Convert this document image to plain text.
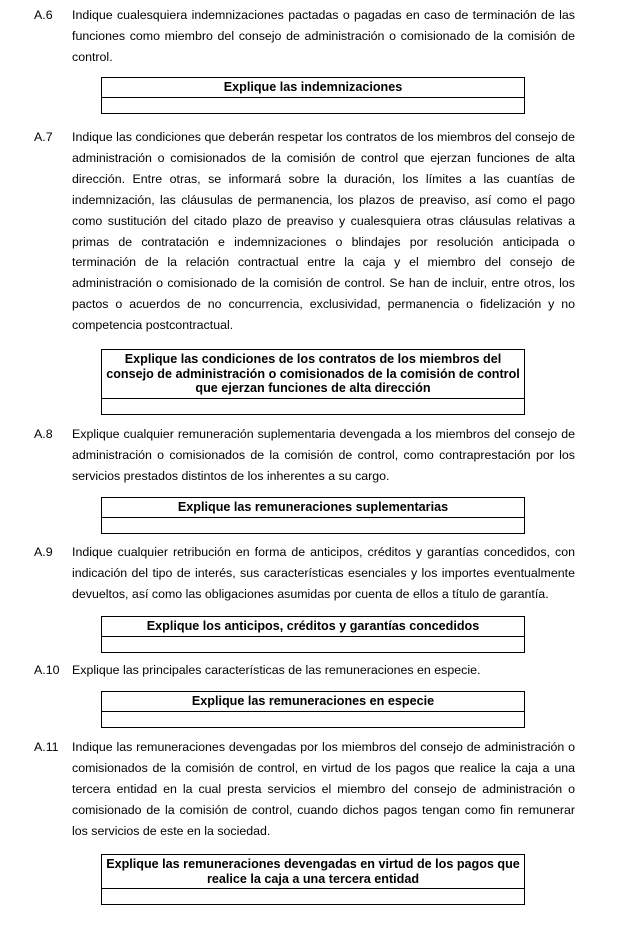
A.6 Indique cualesquiera indemnizaciones pactadas o pagadas en caso de terminación de las funciones como miembro del consejo de administración o comisionado de la comisión de control.
Explique las indemnizaciones
A.7 Indique las condiciones que deberán respetar los contratos de los miembros del consejo de administración o comisionados de la comisión de control que ejerzan funciones de alta dirección. Entre otras, se informará sobre la duración, los límites a las cuantías de indemnización, las cláusulas de permanencia, los plazos de preaviso, así como el pago como sustitución del citado plazo de preaviso y cualesquiera otras cláusulas relativas a primas de contratación e indemnizaciones o blindajes por resolución anticipada o terminación de la relación contractual entre la caja y el miembro del consejo de administración o comisionado de la comisión de control. Se han de incluir, entre otros, los pactos o acuerdos de no concurrencia, exclusividad, permanencia o fidelización y no competencia postcontractual.
Explique las condiciones de los contratos de los miembros del consejo de administración o comisionados de la comisión de control que ejerzan funciones de alta dirección
A.8 Explique cualquier remuneración suplementaria devengada a los miembros del consejo de administración o comisionados de la comisión de control, como contraprestación por los servicios prestados distintos de los inherentes a su cargo.
Explique las remuneraciones suplementarias
A.9 Indique cualquier retribución en forma de anticipos, créditos y garantías concedidos, con indicación del tipo de interés, sus características esenciales y los importes eventualmente devueltos, así como las obligaciones asumidas por cuenta de ellos a título de garantía.
Explique los anticipos, créditos y garantías concedidos
A.10 Explique las principales características de las remuneraciones en especie.
Explique las remuneraciones en especie
A.11 Indique las remuneraciones devengadas por los miembros del consejo de administración o comisionados de la comisión de control, en virtud de los pagos que realice la caja a una tercera entidad en la cual presta servicios el miembro del consejo de administración o comisionado de la comisión de control, cuando dichos pagos tengan como fin remunerar los servicios de este en la sociedad.
Explique las remuneraciones devengadas en virtud de los pagos que realice la caja a una tercera entidad
